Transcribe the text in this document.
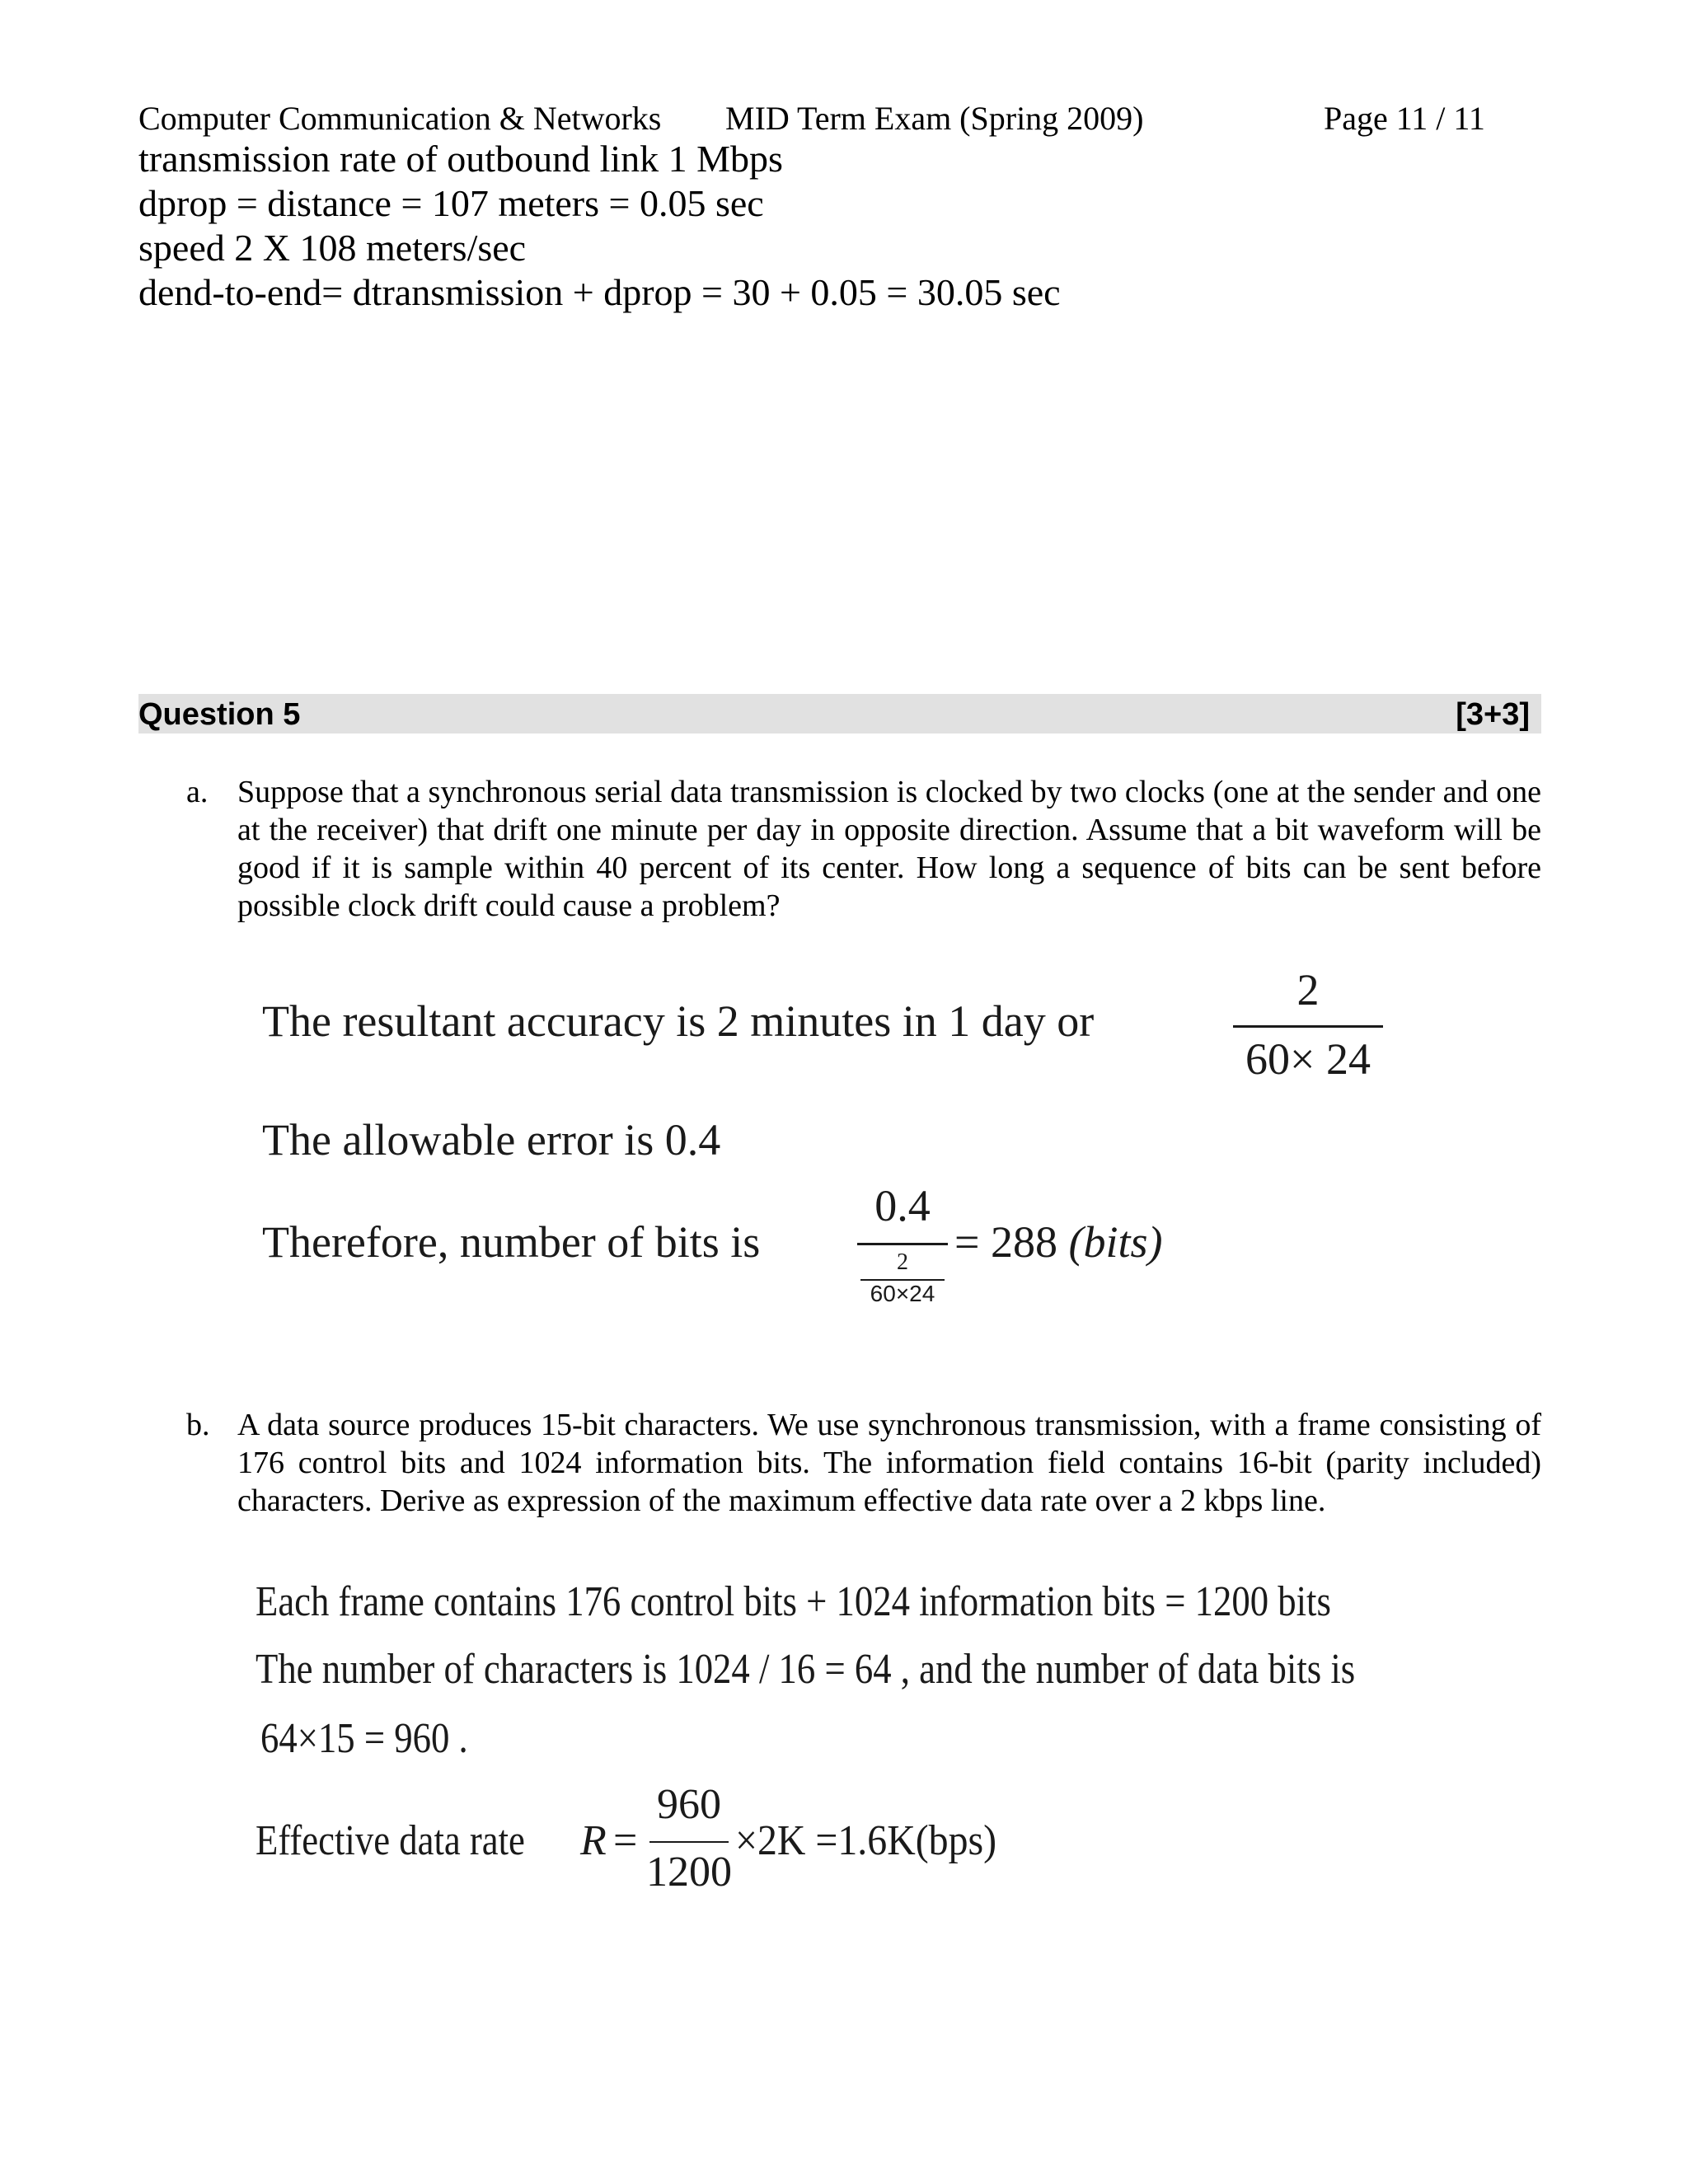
Computer Communication & Networks MID Term Exam (Spring 2009)	Page 11 / 11
transmission rate of outbound link 1 Mbps
dprop = distance = 107 meters = 0.05 sec
speed 2 X 108 meters/sec
dend-to-end= dtransmission + dprop = 30 + 0.05 = 30.05 sec
Question 5	[3+3]
a. Suppose that a synchronous serial data transmission is clocked by two clocks (one at the sender and one at the receiver) that drift one minute per day in opposite direction. Assume that a bit waveform will be good if it is sample within 40 percent of its center. How long a sequence of bits can be sent before possible clock drift could cause a problem?
The resultant accuracy is 2 minutes in 1 day or
2
60× 24
The allowable error is 0.4
Therefore, number of bits is
0.4
2
60×24
= 288 (bits)
b. A data source produces 15-bit characters. We use synchronous transmission, with a frame consisting of 176 control bits and 1024 information bits. The information field contains 16-bit (parity included) characters. Derive as expression of the maximum effective data rate over a 2 kbps line.
Each frame contains 176 control bits + 1024 information bits = 1200 bits
The number of characters is 1024 / 16 = 64 , and the number of data bits is
64×15 = 960 .
Effective data rate R =
960
1200
×2K =1.6K(bps)
